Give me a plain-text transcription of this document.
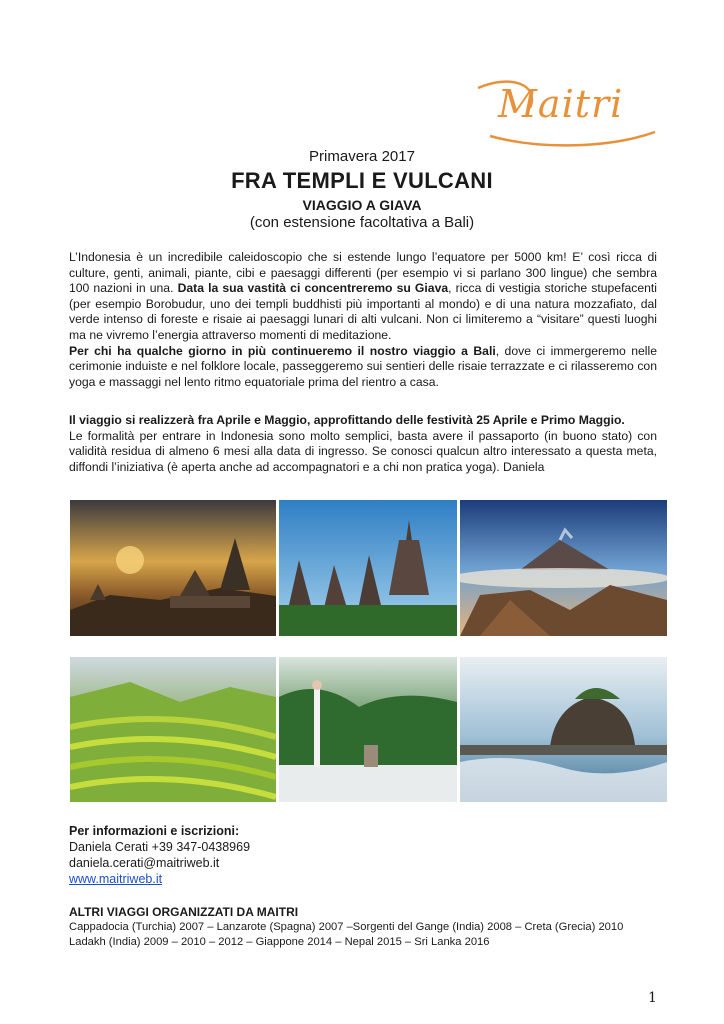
Maitri
Primavera 2017
FRA TEMPLI E VULCANI
VIAGGIO A GIAVA
(con estensione facoltativa a Bali)
L’Indonesia è un incredibile caleidoscopio che si estende lungo l’equatore per 5000 km! E’ così ricca di culture, genti, animali, piante, cibi e paesaggi differenti (per esempio vi si parlano 300 lingue) che sembra 100 nazioni in una. Data la sua vastità ci concentreremo su Giava, ricca di vestigia storiche stupefacenti (per esempio Borobudur, uno dei templi buddhisti più importanti al mondo) e di una natura mozzafiato, dal verde intenso di foreste e risaie ai paesaggi lunari di alti vulcani. Non ci limiteremo a “visitare” questi luoghi ma ne vivremo l’energia attraverso momenti di meditazione.
Per chi ha qualche giorno in più continueremo il nostro viaggio a Bali, dove ci immergeremo nelle cerimonie induiste e nel folklore locale, passeggeremo sui sentieri delle risaie terrazzate e ci rilasseremo con yoga e massaggi nel lento ritmo equatoriale prima del rientro a casa.
Il viaggio si realizzerà fra Aprile e Maggio, approfittando delle festività 25 Aprile e Primo Maggio.
Le formalità per entrare in Indonesia sono molto semplici, basta avere il passaporto (in buono stato) con validità residua di almeno 6 mesi alla data di ingresso. Se conosci qualcun altro interessato a questa meta, diffondi l’iniziativa (è aperta anche ad accompagnatori e a chi non pratica yoga). Daniela
Per informazioni e iscrizioni:
Daniela Cerati +39 347-0438969
daniela.cerati@maitriweb.it
www.maitriweb.it
ALTRI VIAGGI ORGANIZZATI DA MAITRI
Cappadocia (Turchia) 2007 – Lanzarote (Spagna) 2007 –Sorgenti del Gange (India) 2008 – Creta (Grecia) 2010
Ladakh (India) 2009 – 2010 – 2012 – Giappone 2014 – Nepal 2015 – Sri Lanka 2016
1
